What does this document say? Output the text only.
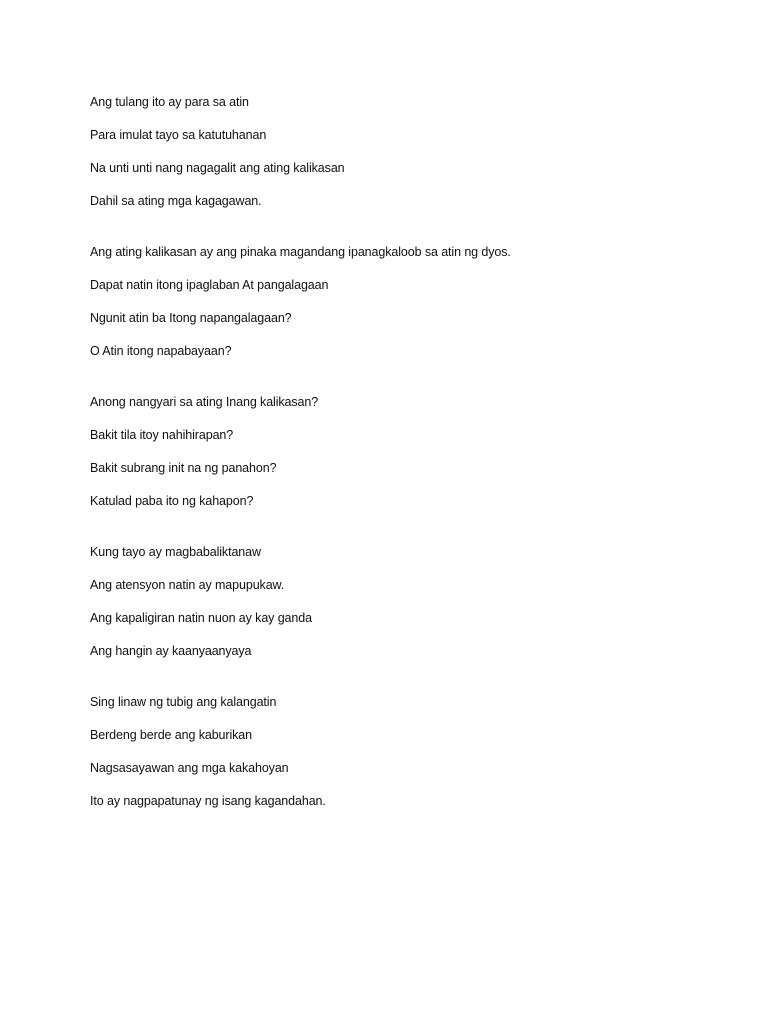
Ang tulang ito ay para sa atin
Para imulat tayo sa katutuhanan
Na unti unti nang nagagalit ang ating kalikasan
Dahil sa ating mga kagagawan.
Ang ating kalikasan ay ang pinaka magandang ipanagkaloob sa atin ng dyos.
Dapat natin itong ipaglaban At pangalagaan
Ngunit atin ba Itong napangalagaan?
O Atin itong napabayaan?
Anong nangyari sa ating Inang kalikasan?
Bakit tila itoy nahihirapan?
Bakit subrang init na ng panahon?
Katulad paba ito ng kahapon?
Kung tayo ay magbabaliktanaw
Ang atensyon natin ay mapupukaw.
Ang kapaligiran natin nuon ay kay ganda
Ang hangin ay kaanyaanyaya
Sing linaw ng tubig ang kalangatin
Berdeng berde ang kaburikan
Nagsasayawan ang mga kakahoyan
Ito ay nagpapatunay ng isang kagandahan.
